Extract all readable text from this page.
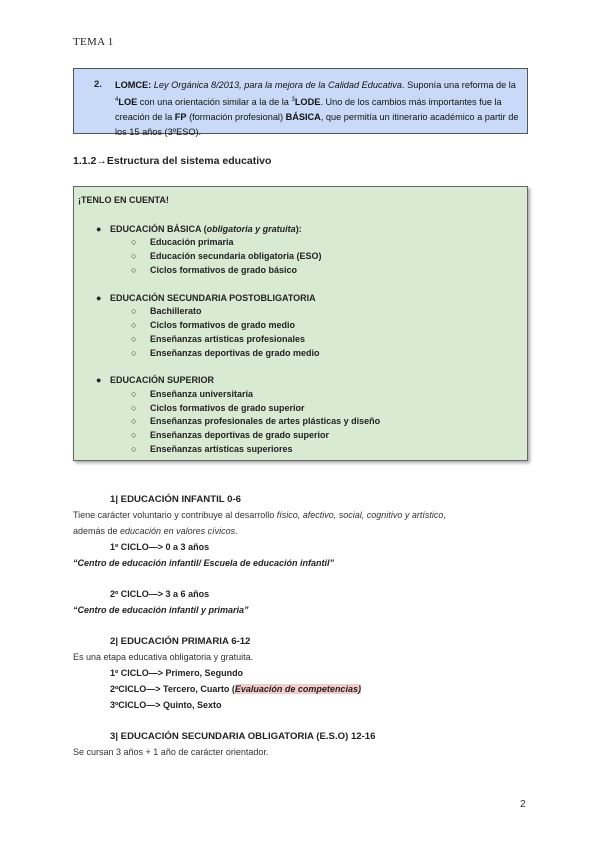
TEMA 1
2. LOMCE: Ley Orgánica 8/2013, para la mejora de la Calidad Educativa. Suponía una reforma de la $^4$LOE con una orientación similar a la de la $^3$LODE. Uno de los cambios más importantes fue la creación de la FP (formación profesional) BÁSICA, que permitía un itinerario académico a partir de los 15 años (3ºESO).
1.1.2→Estructura del sistema educativo
¡TENLO EN CUENTA!
● EDUCACIÓN BÁSICA (obligatoria y gratuita):
○ Educación primaria
○ Educación secundaria obligatoria (ESO)
○ Ciclos formativos de grado básico
● EDUCACIÓN SECUNDARIA POSTOBLIGATORIA
○ Bachillerato
○ Ciclos formativos de grado medio
○ Enseñanzas artísticas profesionales
○ Enseñanzas deportivas de grado medio
● EDUCACIÓN SUPERIOR
○ Enseñanza universitaria
○ Ciclos formativos de grado superior
○ Enseñanzas profesionales de artes plásticas y diseño
○ Enseñanzas deportivas de grado superior
○ Enseñanzas artísticas superiores
1| EDUCACIÓN INFANTIL 0-6
Tiene carácter voluntario y contribuye al desarrollo físico, afectivo, social, cognitivo y artístico,
además de educación en valores cívicos.
1º CICLO—> 0 a 3 años
“Centro de educación infantil/ Escuela de educación infantil”
2º CICLO—> 3 a 6 años
“Centro de educación infantil y primaria”
2| EDUCACIÓN PRIMARIA 6-12
Es una etapa educativa obligatoria y gratuita.
1º CICLO—> Primero, Segundo
2ºCICLO—> Tercero, Cuarto (Evaluación de competencias)
3ºCICLO—> Quinto, Sexto
3| EDUCACIÓN SECUNDARIA OBLIGATORIA (E.S.O) 12-16
Se cursan 3 años + 1 año de carácter orientador.
2
